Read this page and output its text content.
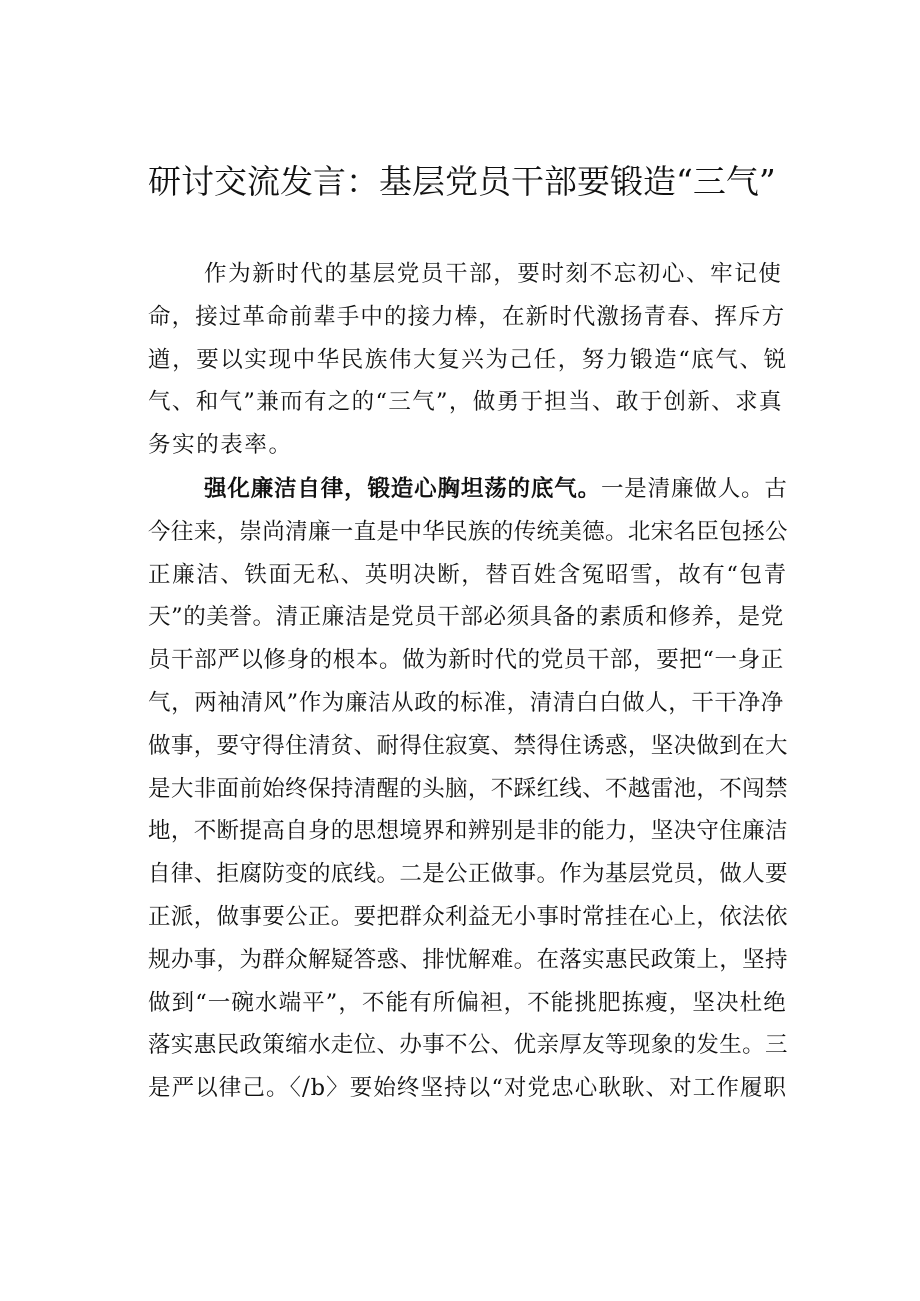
研讨交流发言：基层党员干部要锻造“三气”
作为新时代的基层党员干部，要时刻不忘初心、牢记使
命，接过革命前辈手中的接力棒，在新时代激扬青春、挥斥方
遒，要以实现中华民族伟大复兴为己任，努力锻造“底气、锐
气、和气”兼而有之的“三气”，做勇于担当、敢于创新、求真
务实的表率。
强化廉洁自律，锻造心胸坦荡的底气。一是清廉做人。古
今往来，崇尚清廉一直是中华民族的传统美德。北宋名臣包拯公
正廉洁、铁面无私、英明决断，替百姓含冤昭雪，故有“包青
天”的美誉。清正廉洁是党员干部必须具备的素质和修养，是党
员干部严以修身的根本。做为新时代的党员干部，要把“一身正
气，两袖清风”作为廉洁从政的标准，清清白白做人，干干净净
做事，要守得住清贫、耐得住寂寞、禁得住诱惑，坚决做到在大
是大非面前始终保持清醒的头脑，不踩红线、不越雷池，不闯禁
地，不断提高自身的思想境界和辨别是非的能力，坚决守住廉洁
自律、拒腐防变的底线。二是公正做事。作为基层党员，做人要
正派，做事要公正。要把群众利益无小事时常挂在心上，依法依
规办事，为群众解疑答惑、排忧解难。在落实惠民政策上，坚持
做到“一碗水端平”，不能有所偏袒，不能挑肥拣瘦，坚决杜绝
落实惠民政策缩水走位、办事不公、优亲厚友等现象的发生。三
是严以律己。〈/b〉要始终坚持以“对党忠心耿耿、对工作履职
